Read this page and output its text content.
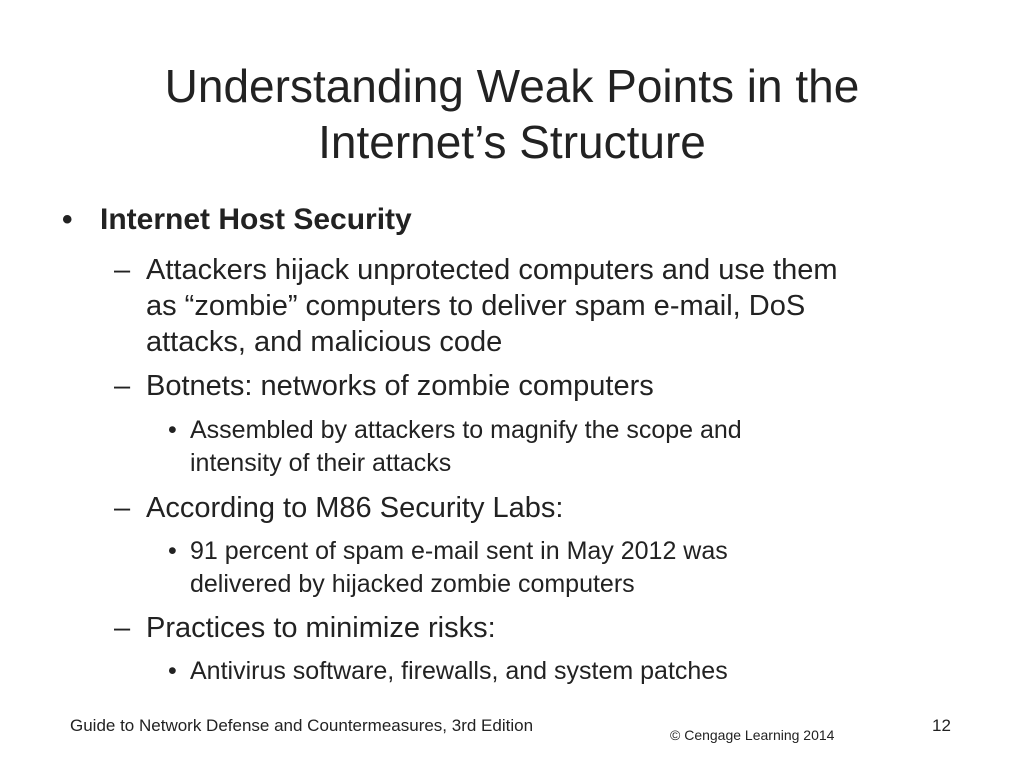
Understanding Weak Points in the
Internet’s Structure
• Internet Host Security
– Attackers hijack unprotected computers and use them
as “zombie” computers to deliver spam e-mail, DoS
attacks, and malicious code
– Botnets: networks of zombie computers
• Assembled by attackers to magnify the scope and
intensity of their attacks
– According to M86 Security Labs:
• 91 percent of spam e-mail sent in May 2012 was
delivered by hijacked zombie computers
– Practices to minimize risks:
• Antivirus software, firewalls, and system patches
Guide to Network Defense and Countermeasures, 3rd Edition	© Cengage Learning 2014	12
